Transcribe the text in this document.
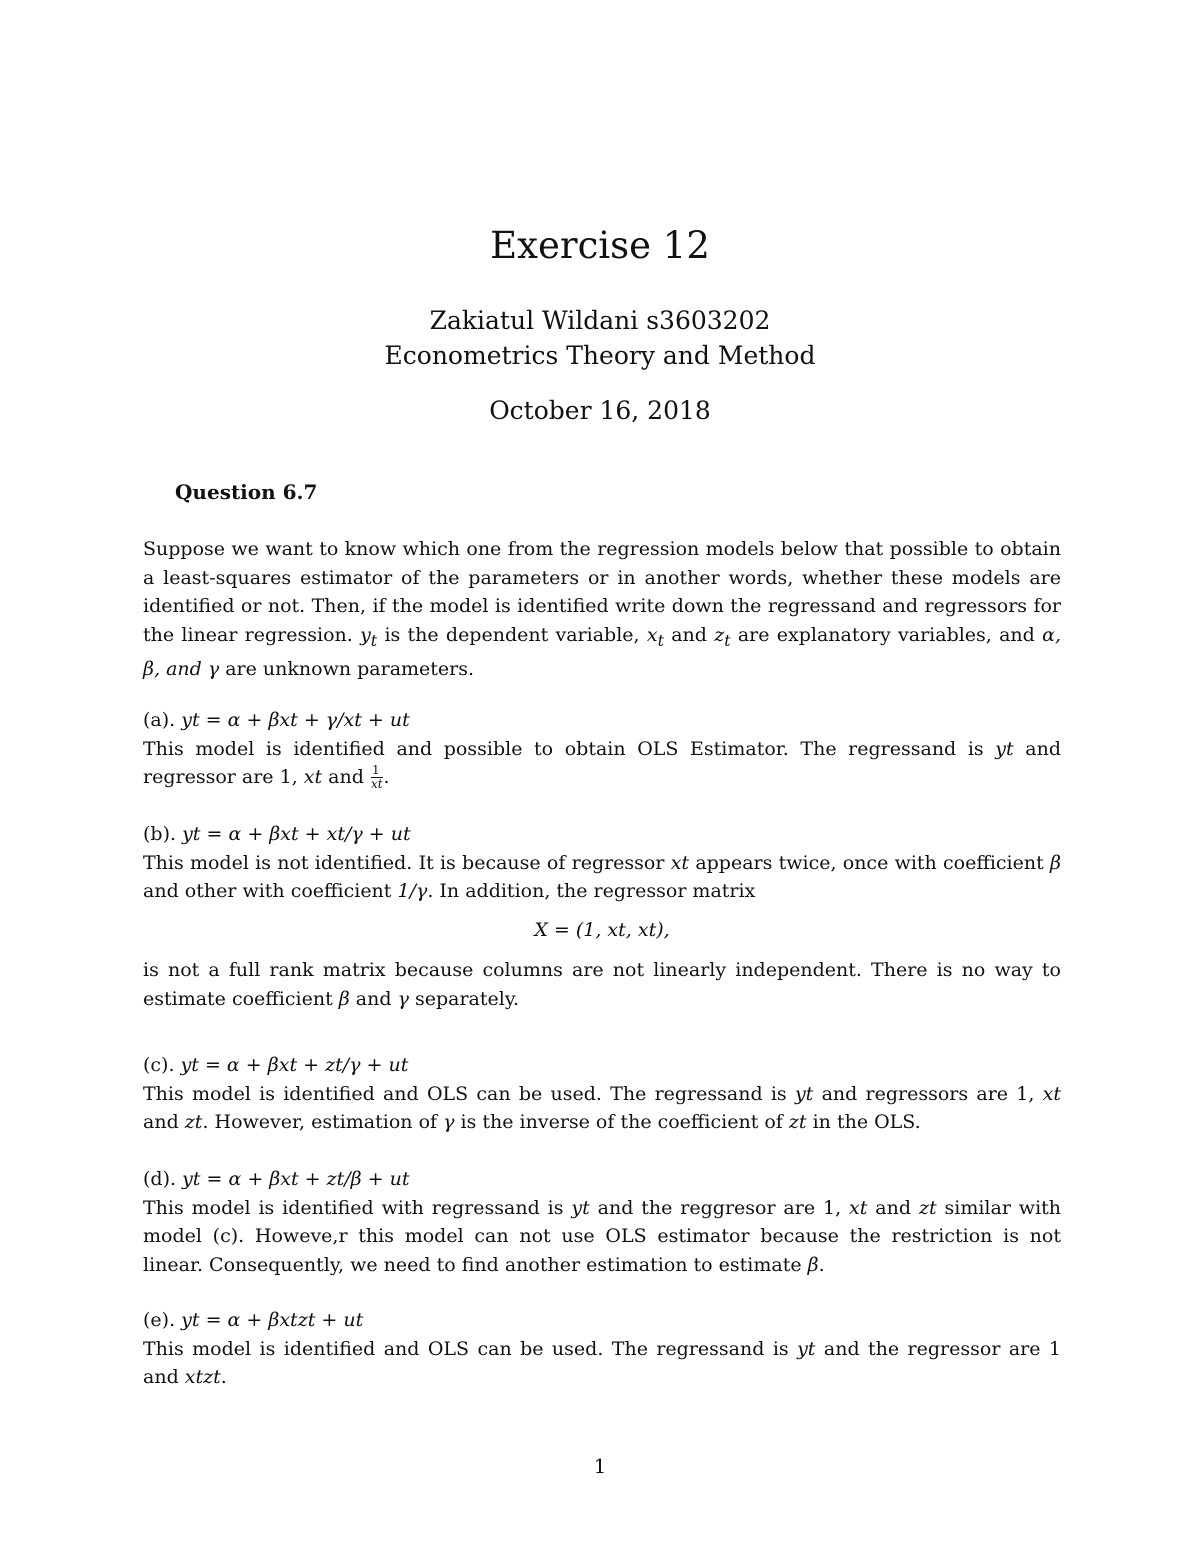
Exercise 12
Zakiatul Wildani s3603202
Econometrics Theory and Method
October 16, 2018
Question 6.7
Suppose we want to know which one from the regression models below that possible to obtain a least-squares estimator of the parameters or in another words, whether these models are identified or not. Then, if the model is identified write down the regressand and regressors for the linear regression. $y_t$ is the dependent variable, $x_t$ and $z_t$ are explanatory variables, and α, β, and γ are unknown parameters.
(a). yt = α + βxt + γ/xt + ut
This model is identified and possible to obtain OLS Estimator. The regressand is yt and regressor are 1, xt and $\frac{1}{xt}$ .
(b). yt = α + βxt + xt/γ + ut
This model is not identified. It is because of regressor xt appears twice, once with coefficient β and other with coefficient 1/γ. In addition, the regressor matrix
X = (1, xt, xt),
is not a full rank matrix because columns are not linearly independent. There is no way to estimate coefficient β and γ separately.
(c). yt = α + βxt + zt/γ + ut
This model is identified and OLS can be used. The regressand is yt and regressors are 1, xt and zt. However, estimation of γ is the inverse of the coefficient of zt in the OLS.
(d). yt = α + βxt + zt/β + ut
This model is identified with regressand is yt and the reggresor are 1, xt and zt similar with model (c). Howeve,r this model can not use OLS estimator because the restriction is not linear. Consequently, we need to find another estimation to estimate β.
(e). yt = α + βxtzt + ut
This model is identified and OLS can be used. The regressand is yt and the regressor are 1 and xtzt.
1
